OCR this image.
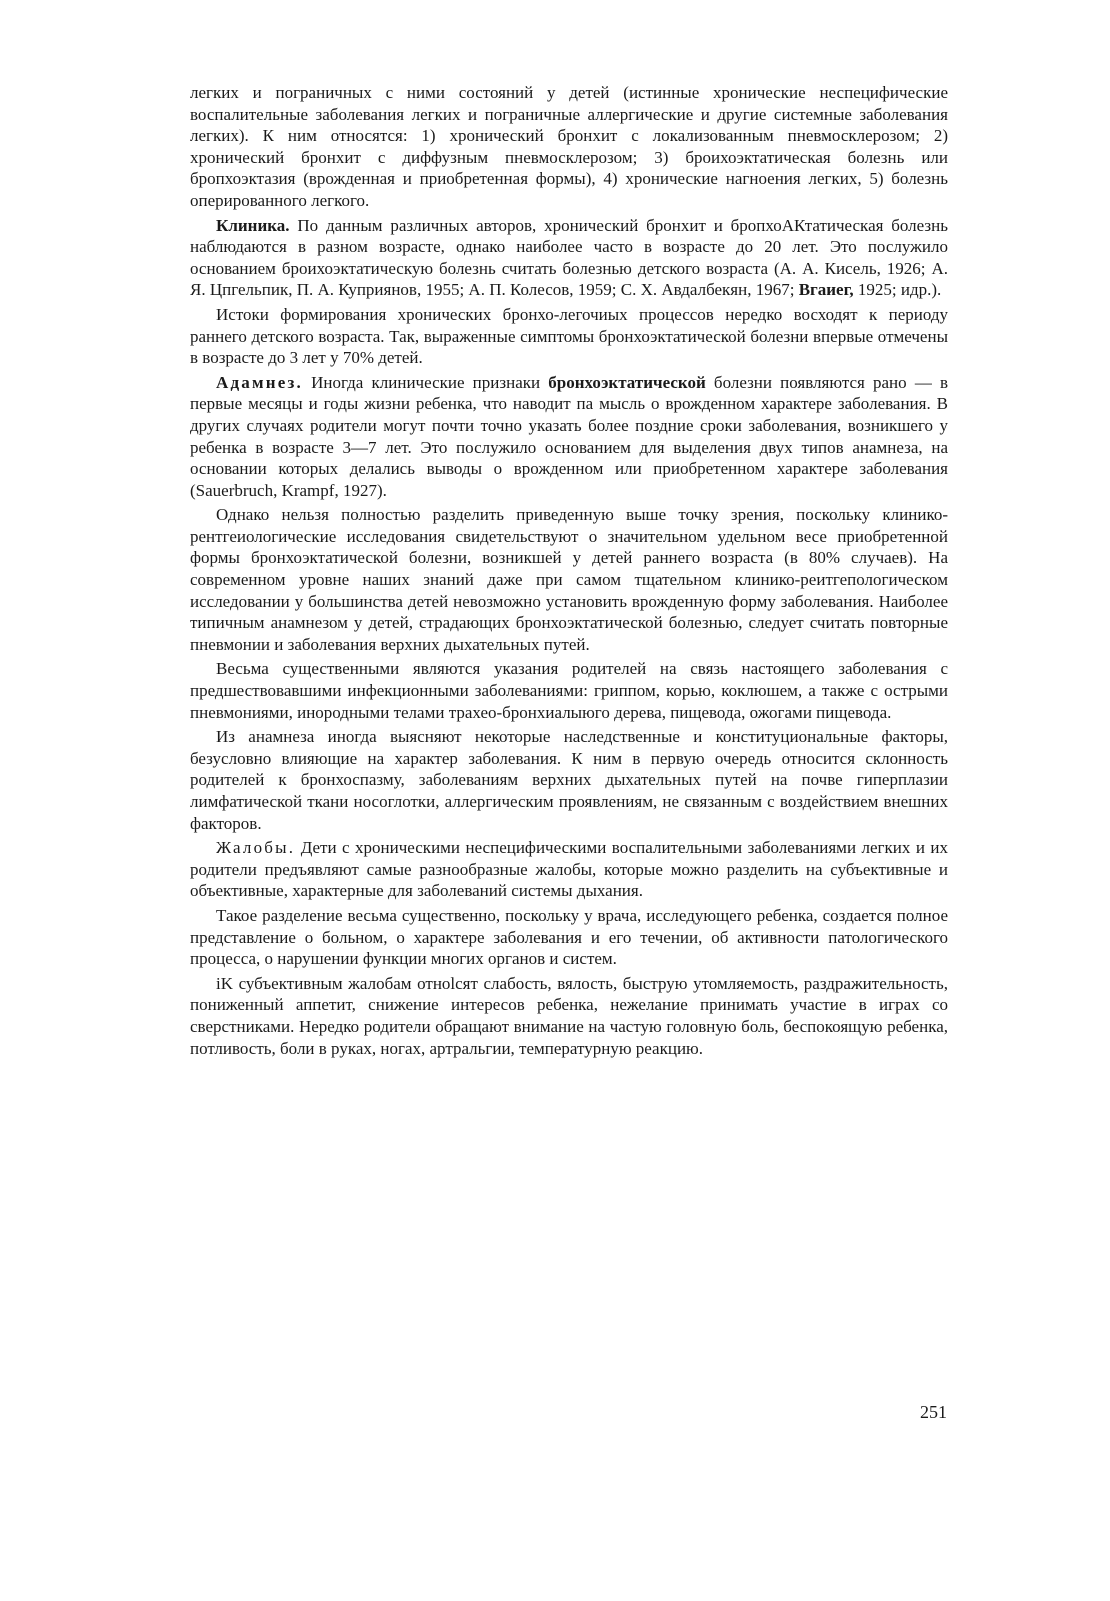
легких и пограничных с ними состояний у детей (истинные хронические неспецифические воспалительные заболевания легких и пограничные аллергические и другие системные заболевания легких). К ним относятся: 1) хронический бронхит с локализованным пневмосклерозом; 2) хронический бронхит с диффузным пневмосклерозом; 3) броихоэктатическая болезнь или бропхоэктазия (врожденная и приобретенная формы), 4) хронические нагноения легких, 5) болезнь оперированного легкого.

Клиника. По данным различных авторов, хронический бронхит и бропхоАКтатическая болезнь наблюдаются в разном возрасте, однако наиболее часто в возрасте до 20 лет. Это послужило основанием броихоэктатическую болезнь считать болезнью детского возраста (А. А. Кисель, 1926; А. Я. Цпгельпик, П. А. Куприянов, 1955; А. П. Колесов, 1959; С. X. Авдалбекян, 1967; Вгаиег, 1925; идр.).

Истоки формирования хронических бронхо-легочиых процессов нередко восходят к периоду раннего детского возраста. Так, выраженные симптомы бронхоэктатической болезни впервые отмечены в возрасте до 3 лет у 70% детей.

Адамнез. Иногда клинические признаки бронхоэктатической болезни появляются рано — в первые месяцы и годы жизни ребенка, что наводит па мысль о врожденном характере заболевания. В других случаях родители могут почти точно указать более поздние сроки заболевания, возникшего у ребенка в возрасте 3—7 лет. Это послужило основанием для выделения двух типов анамнеза, на основании которых делались выводы о врожденном или приобретенном характере заболевания (Sauerbruch, Krampf, 1927).

Однако нельзя полностью разделить приведенную выше точку зрения, поскольку клинико-рентгеиологические исследования свидетельствуют о значительном удельном весе приобретенной формы бронхоэктатической болезни, возникшей у детей раннего возраста (в 80% случаев). На современном уровне наших знаний даже при самом тщательном клинико-реитгепологическом исследовании у большинства детей невозможно установить врожденную форму заболевания. Наиболее типичным анамнезом у детей, страдающих бронхоэктатической болезнью, следует считать повторные пневмонии и заболевания верхних дыхательных путей.

Весьма существенными являются указания родителей на связь настоящего заболевания с предшествовавшими инфекционными заболеваниями: гриппом, корью, коклюшем, а также с острыми пневмониями, инородными телами трахео-бронхиалыюго дерева, пищевода, ожогами пищевода.

Из анамнеза иногда выясняют некоторые наследственные и конституциональные факторы, безусловно влияющие на характер заболевания. К ним в первую очередь относится склонность родителей к бронхоспазму, заболеваниям верхних дыхательных путей на почве гиперплазии лимфатической ткани носоглотки, аллергическим проявлениям, не связанным с воздействием внешних факторов.

Жалобы. Дети с хроническими неспецифическими воспалительными заболеваниями легких и их родители предъявляют самые разнообразные жалобы, которые можно разделить на субъективные и объективные, характерные для заболеваний системы дыхания.

Такое разделение весьма существенно, поскольку у врача, исследующего ребенка, создается полное представление о больном, о характере заболевания и его течении, об активности патологического процесса, о нарушении функции многих органов и систем.

iK субъективным жалобам отноlсят слабость, вялость, быструю утомляемость, раздражительность, пониженный аппетит, снижение интересов ребенка, нежелание принимать участие в играх со сверстниками. Нередко родители обращают внимание на частую головную боль, беспокоящую ребенка, потливость, боли в руках, ногах, артральгии, температурную реакцию.

251
